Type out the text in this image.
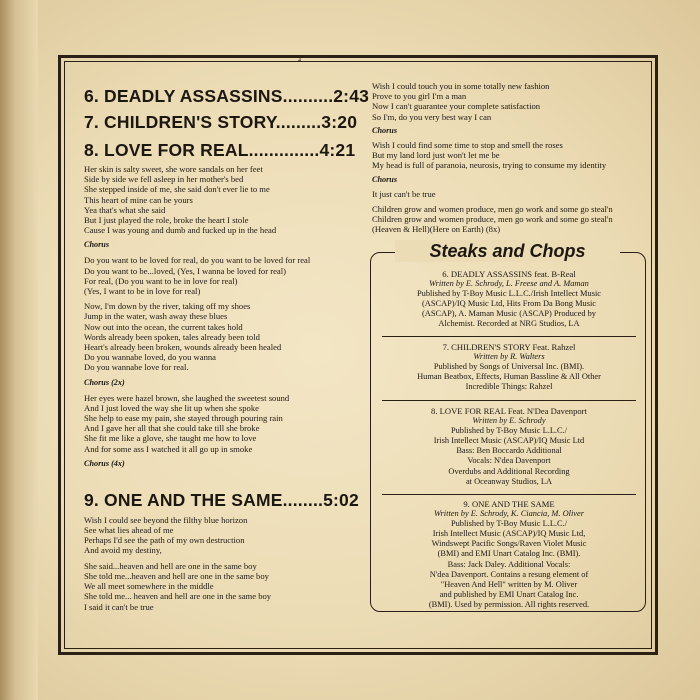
4
6. DEADLY ASSASSINS..........2:43
7. CHILDREN'S STORY.........3:20
8. LOVE FOR REAL..............4:21

Her skin is salty sweet, she wore sandals on her feet

Side by side we fell asleep in her mother's bed

She stepped inside of me, she said don't ever lie to me

This heart of mine can be yours

Yea that's what she said

But I just played the role, broke the heart I stole

Cause I was young and dumb and fucked up in the head

Chorus

Do you want to be loved for real, do you want to be loved for real

Do you want to be...loved, (Yes, I wanna be loved for real)

For real, (Do you want to be in love for real)

(Yes, I want to be in love for real)

Now, I'm down by the river, taking off my shoes

Jump in the water, wash away these blues

Now out into the ocean, the current takes hold

Words already been spoken, tales already been told

Heart's already been broken, wounds already been healed

Do you wannabe loved, do you wanna

Do you wannabe love for real.

Chorus (2x)

Her eyes were hazel brown, she laughed the sweetest sound

And I just loved the way she lit up when she spoke

She help to ease my pain, she stayed through pouring rain

And I gave her all that she could take till she broke

She fit me like a glove, she taught me how to love

And for some ass I watched it all go up in smoke

Chorus (4x)
9. ONE AND THE SAME........5:02

Wish I could see beyond the filthy blue horizon

See what lies ahead of me

Perhaps I'd see the path of my own destruction

And avoid my destiny,

She said...heaven and hell are one in the same boy

She told me...heaven and hell are one in the same boy

We all meet somewhere in the middle

She told me... heaven and hell are one in the same boy

I said it can't be true

Wish I could touch you in some totally new fashion

Prove to you girl I'm a man

Now I can't guarantee your complete satisfaction

So I'm, do you very best way I can

Chorus

Wish I could find some time to stop and smell the roses

But my land lord just won't let me be

My head is full of paranoia, neurosis, trying to consume my identity

Chorus

It just can't be true

Children grow and women produce, men go work and some go steal'n

Children grow and women produce, men go work and some go steal'n

(Heaven & Hell)(Here on Earth) (8x)

Steaks and Chops
6. DEADLY ASSASSINS feat. B-Real
Written by E. Schrody, L. Freese and A. Maman
Published by T-Boy Music L.L.C./Irish Intellect Music
(ASCAP)/IQ Music Ltd, Hits From Da Bong Music
(ASCAP), A. Maman Music (ASCAP) Produced by
Alchemist. Recorded at NRG Studios, LA
7. CHILDREN'S STORY Feat. Rahzel
Written by R. Walters
Published by Songs of Universal Inc. (BMI).
Human Beatbox, Effects, Human Bassline & All Other
Incredible Things: Rahzel
8. LOVE FOR REAL Feat. N'Dea Davenport
Written by E. Schrody
Published by T-Boy Music L.L.C./
Irish Intellect Music (ASCAP)/IQ Music Ltd
Bass: Ben Boccardo Additional
Vocals: N'dea Davenport
Overdubs and Additional Recording
at Oceanway Studios, LA
9. ONE AND THE SAME
Written by E. Schrody, K. Ciancia, M. Oliver
Published by T-Boy Music L.L.C./
Irish Intellect Music (ASCAP)/IQ Music Ltd,
Windswept Pacific Songs/Raven Violet Music
(BMI) and EMI Unart Catalog Inc. (BMI).
Bass: Jack Daley. Additional Vocals:
N'dea Davenport. Contains a resung element of
"Heaven And Hell" written by M. Oliver
and published by EMI Unart Catalog Inc.
(BMI). Used by permission. All rights reserved.
